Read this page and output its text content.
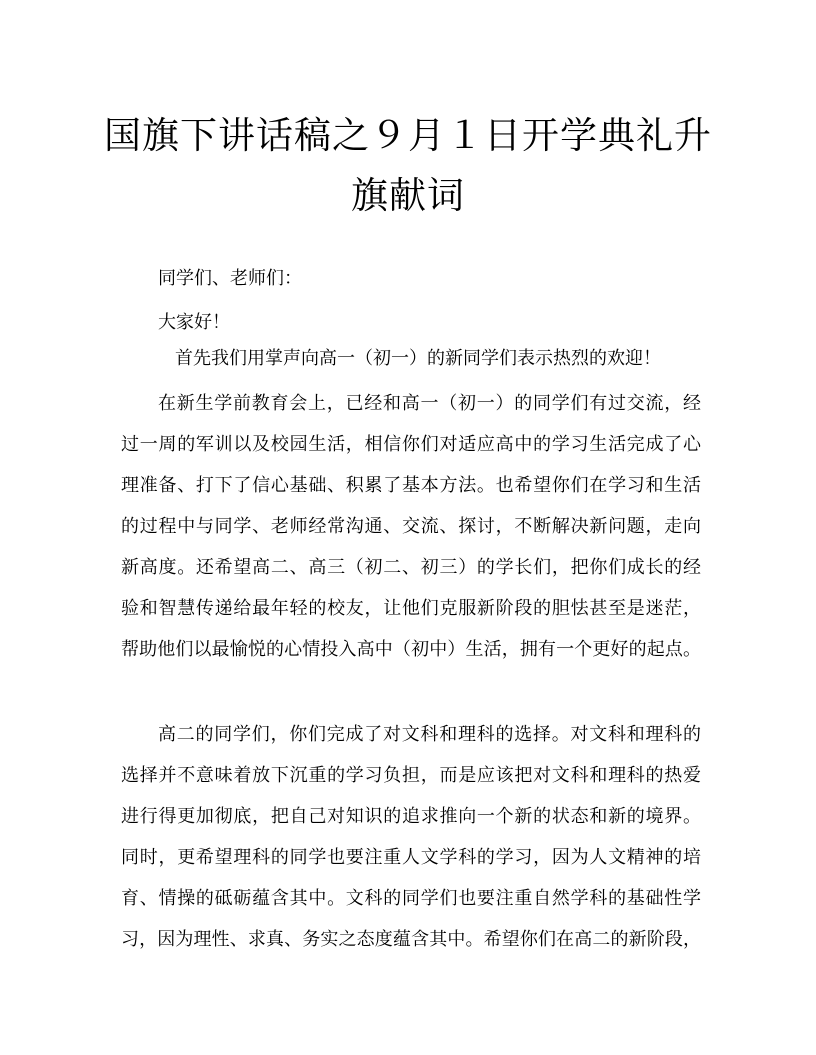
国旗下讲话稿之９月１日开学典礼升
旗献词

同学们、老师们：

大家好！

首先我们用掌声向高一（初一）的新同学们表示热烈的欢迎！

在新生学前教育会上，已经和高一（初一）的同学们有过交流，经

过一周的军训以及校园生活，相信你们对适应高中的学习生活完成了心

理准备、打下了信心基础、积累了基本方法。也希望你们在学习和生活

的过程中与同学、老师经常沟通、交流、探讨，不断解决新问题，走向

新高度。还希望高二、高三（初二、初三）的学长们，把你们成长的经

验和智慧传递给最年轻的校友，让他们克服新阶段的胆怯甚至是迷茫，

帮助他们以最愉悦的心情投入高中（初中）生活，拥有一个更好的起点。

高二的同学们，你们完成了对文科和理科的选择。对文科和理科的

选择并不意味着放下沉重的学习负担，而是应该把对文科和理科的热爱

进行得更加彻底，把自己对知识的追求推向一个新的状态和新的境界。

同时，更希望理科的同学也要注重人文学科的学习，因为人文精神的培

育、情操的砥砺蕴含其中。文科的同学们也要注重自然学科的基础性学

习，因为理性、求真、务实之态度蕴含其中。希望你们在高二的新阶段，
